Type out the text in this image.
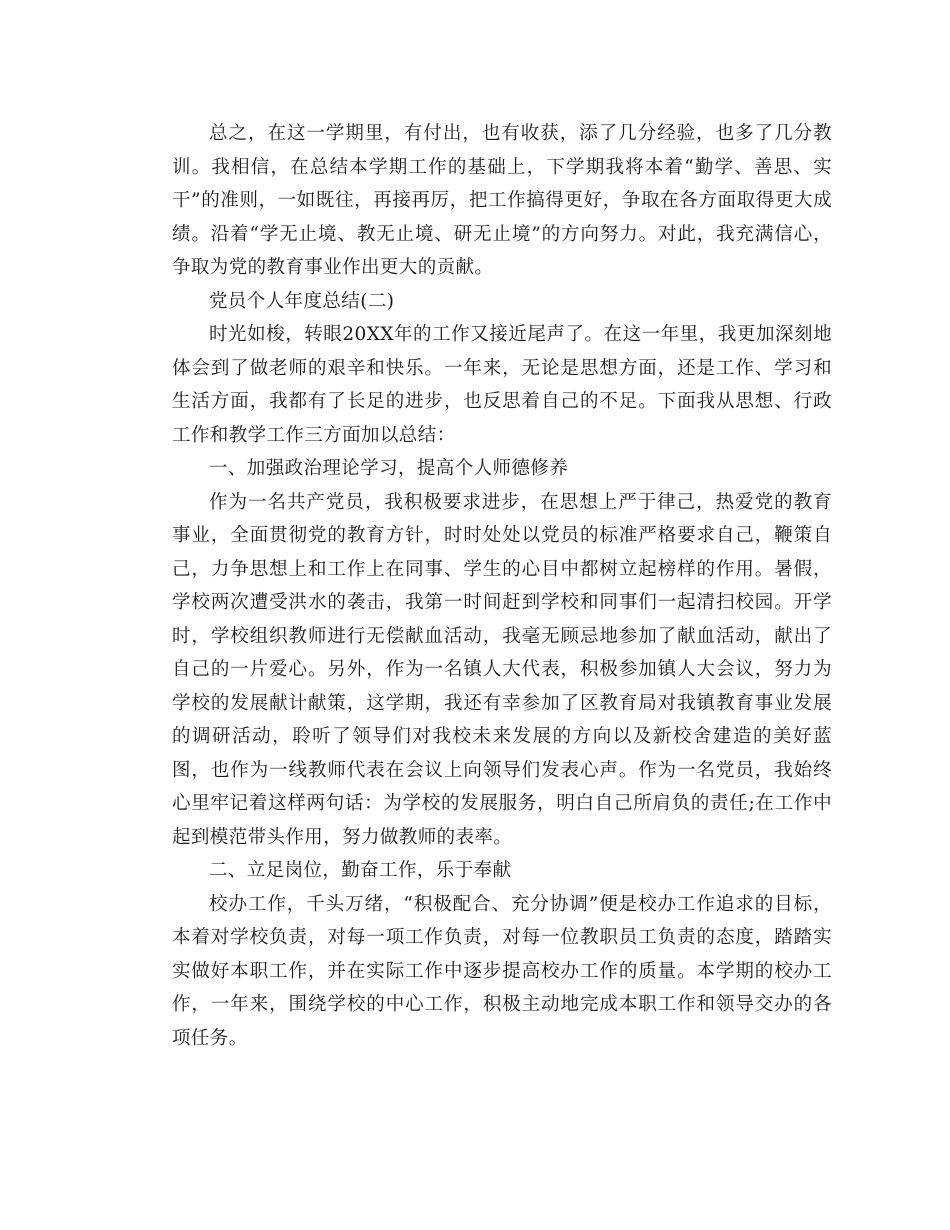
总之，在这一学期里，有付出，也有收获，添了几分经验，也多了几分教训。我相信，在总结本学期工作的基础上，下学期我将本着“勤学、善思、实干”的准则，一如既往，再接再厉，把工作搞得更好，争取在各方面取得更大成绩。沿着“学无止境、教无止境、研无止境”的方向努力。对此，我充满信心，争取为党的教育事业作出更大的贡献。

党员个人年度总结(二)

时光如梭，转眼20XX年的工作又接近尾声了。在这一年里，我更加深刻地体会到了做老师的艰辛和快乐。一年来，无论是思想方面，还是工作、学习和生活方面，我都有了长足的进步，也反思着自己的不足。下面我从思想、行政工作和教学工作三方面加以总结：

一、加强政治理论学习，提高个人师德修养

作为一名共产党员，我积极要求进步，在思想上严于律己，热爱党的教育事业，全面贯彻党的教育方针，时时处处以党员的标准严格要求自己，鞭策自己，力争思想上和工作上在同事、学生的心目中都树立起榜样的作用。暑假，学校两次遭受洪水的袭击，我第一时间赶到学校和同事们一起清扫校园。开学时，学校组织教师进行无偿献血活动，我毫无顾忌地参加了献血活动，献出了自己的一片爱心。另外，作为一名镇人大代表，积极参加镇人大会议，努力为学校的发展献计献策，这学期，我还有幸参加了区教育局对我镇教育事业发展的调研活动，聆听了领导们对我校未来发展的方向以及新校舍建造的美好蓝图，也作为一线教师代表在会议上向领导们发表心声。作为一名党员，我始终心里牢记着这样两句话：为学校的发展服务，明白自己所肩负的责任;在工作中起到模范带头作用，努力做教师的表率。

二、立足岗位，勤奋工作，乐于奉献

校办工作，千头万绪，“积极配合、充分协调”便是校办工作追求的目标，本着对学校负责，对每一项工作负责，对每一位教职员工负责的态度，踏踏实实做好本职工作，并在实际工作中逐步提高校办工作的质量。本学期的校办工作，一年来，围绕学校的中心工作，积极主动地完成本职工作和领导交办的各项任务。
